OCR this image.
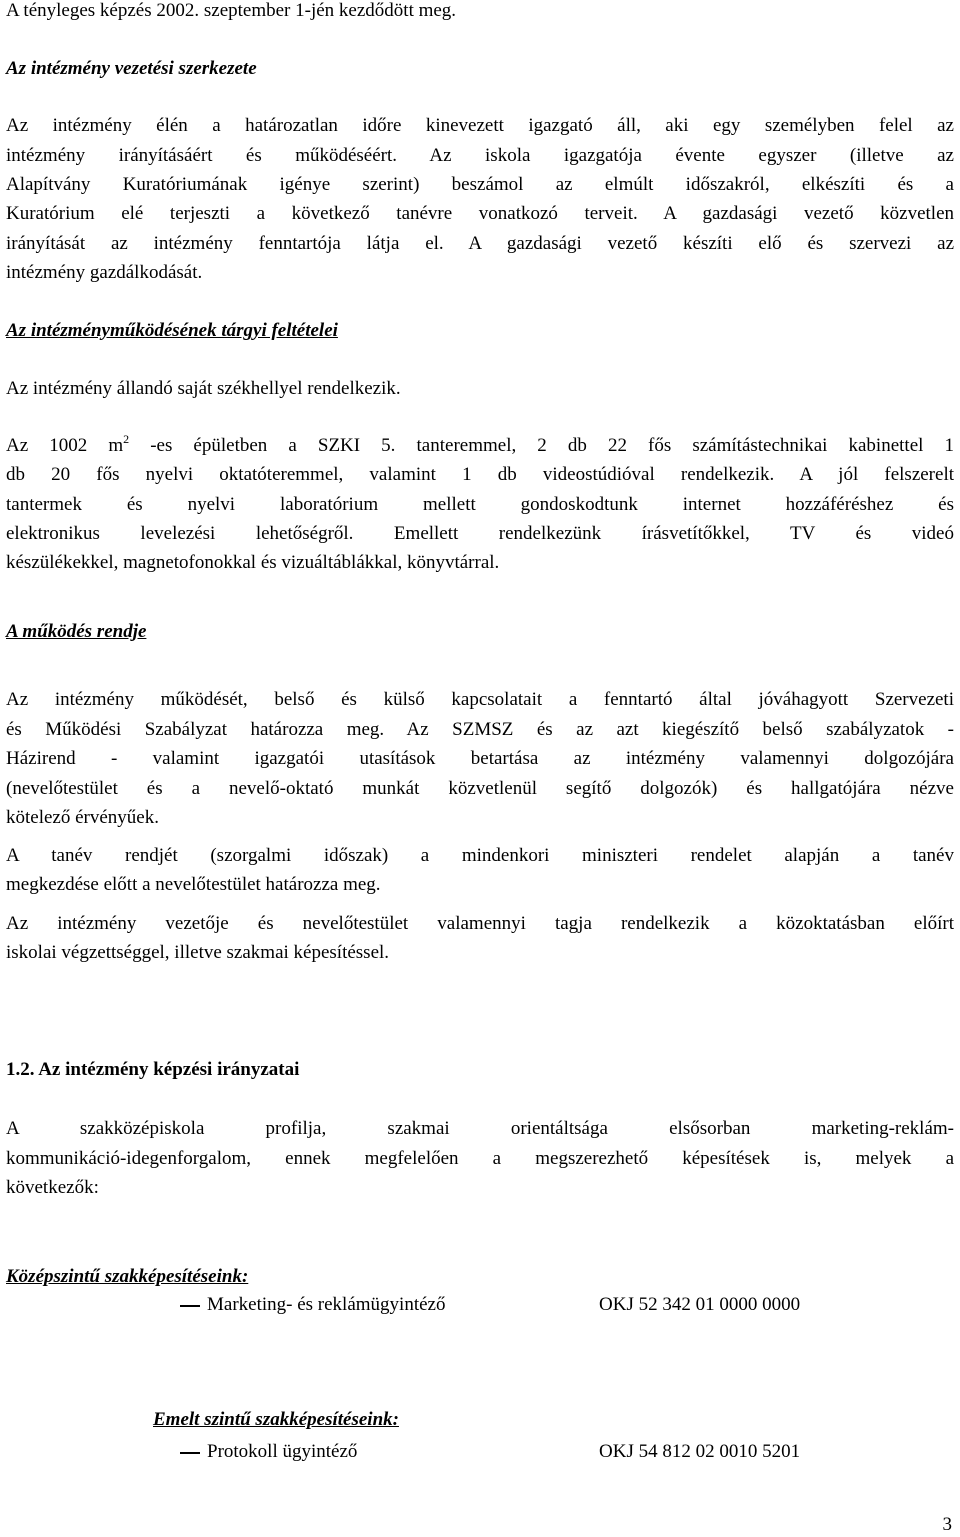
A tényleges képzés 2002. szeptember 1-jén kezdődött meg.
Az intézmény vezetési szerkezete
Az intézmény élén a határozatlan időre kinevezett igazgató áll, aki egy személyben felel az
intézmény irányításáért és működéséért. Az iskola igazgatója évente egyszer (illetve az
Alapítvány Kuratóriumának igénye szerint) beszámol az elmúlt időszakról, elkészíti és a
Kuratórium elé terjeszti a következő tanévre vonatkozó terveit. A gazdasági vezető közvetlen
irányítását az intézmény fenntartója látja el. A gazdasági vezető készíti elő és szervezi az
intézmény gazdálkodását.
Az intézményműködésének tárgyi feltételei
Az intézmény állandó saját székhellyel rendelkezik.
Az 1002 $m^2$ -es épületben a SZKI 5. tanteremmel, 2 db 22 fős számítástechnikai kabinettel 1
db 20 fős nyelvi oktatóteremmel, valamint 1 db videostúdióval rendelkezik. A jól felszerelt
tantermek és nyelvi laboratórium mellett gondoskodtunk internet hozzáféréshez és
elektronikus levelezési lehetőségről. Emellett rendelkezünk írásvetítőkkel, TV és videó
készülékekkel, magnetofonokkal és vizuáltáblákkal, könyvtárral.
A működés rendje
Az intézmény működését, belső és külső kapcsolatait a fenntartó által jóváhagyott Szervezeti
és Működési Szabályzat határozza meg. Az SZMSZ és az azt kiegészítő belső szabályzatok -
Házirend - valamint igazgatói utasítások betartása az intézmény valamennyi dolgozójára
(nevelőtestület és a nevelő-oktató munkát közvetlenül segítő dolgozók) és hallgatójára nézve
kötelező érvényűek.
A tanév rendjét (szorgalmi időszak) a mindenkori miniszteri rendelet alapján a tanév
megkezdése előtt a nevelőtestület határozza meg.
Az intézmény vezetője és nevelőtestület valamennyi tagja rendelkezik a közoktatásban előírt
iskolai végzettséggel, illetve szakmai képesítéssel.
1.2. Az intézmény képzési irányzatai
A szakközépiskola profilja, szakmai orientáltsága elsősorban marketing-reklám-
kommunikáció-idegenforgalom, ennek megfelelően a megszerezhető képesítések is, melyek a
következők:
Középszintű szakképesítéseink:
Marketing- és reklámügyintéző	OKJ 52 342 01 0000 0000
Emelt szintű szakképesítéseink:
Protokoll ügyintéző	OKJ 54 812 02 0010 5201
3
